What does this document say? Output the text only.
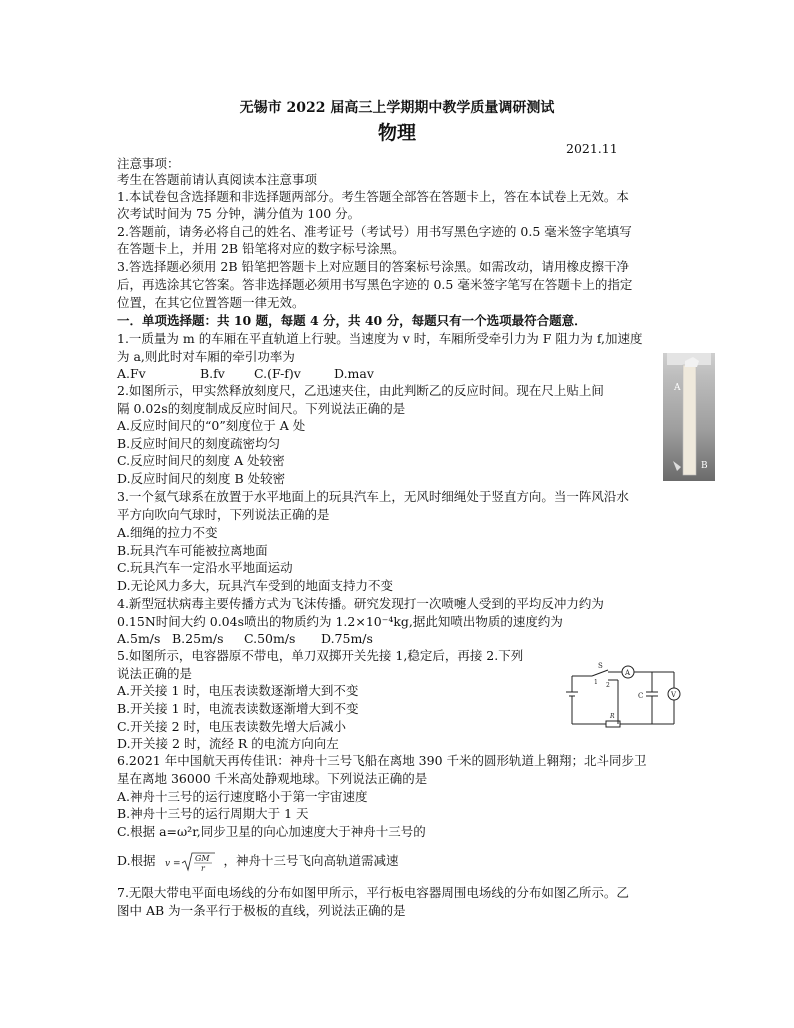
无锡市 2022 届高三上学期期中教学质量调研测试
物理
2021.11
注意事项：
考生在答题前请认真阅读本注意事项
1.本试卷包含选择题和非选择题两部分。考生答题全部答在答题卡上，答在本试卷上无效。本
次考试时间为 75 分钟，满分值为 100 分。
2.答题前，请务必将自己的姓名、准考证号（考试号）用书写黑色字迹的 0.5 毫米签字笔填写
在答题卡上，并用 2B 铅笔将对应的数字标号涂黑。
3.答选择题必须用 2B 铅笔把答题卡上对应题目的答案标号涂黑。如需改动，请用橡皮擦干净
后，再选涂其它答案。答非选择题必须用书写黑色字迹的 0.5 毫米签字笔写在答题卡上的指定
位置，在其它位置答题一律无效。
一．单项选择题：共 10 题，每题 4 分，共 40 分，每题只有一个选项最符合题意．
1.一质量为 m 的车厢在平直轨道上行驶。当速度为 v 时，车厢所受牵引力为 F 阻力为 f,加速度
为 a,则此时对车厢的牵引功率为
A.Fv	B.fv C.(F-f)v	D.mav
2.如图所示，甲实然释放刻度尺，乙迅速夹住，由此判断乙的反应时间。现在尺上贴上间
隔 0.02s的刻度制成反应时间尺。下列说法正确的是
A.反应时间尺的“0”刻度位于 A 处
B.反应时间尺的刻度疏密均匀
C.反应时间尺的刻度 A 处较密
D.反应时间尺的刻度 B 处较密
A
B
3.一个氦气球系在放置于水平地面上的玩具汽车上，无风时细绳处于竖直方向。当一阵风沿水
平方向吹向气球时，下列说法正确的是
A.细绳的拉力不变
B.玩具汽车可能被拉离地面
C.玩具汽车一定沿水平地面运动
D.无论风力多大，玩具汽车受到的地面支持力不变
4.新型冠状病毒主要传播方式为飞沫传播。研究发现打一次喷嚏人受到的平均反冲力约为
0.15N时间大约 0.04s喷出的物质约为 1.2×10⁻⁴kg,据此知喷出物质的速度约为
A.5m/s B.25m/s C.50m/s D.75m/s
5.如图所示，电容器原不带电，单刀双掷开关先接 1,稳定后，再接 2.下列
说法正确的是
A.开关接 1 时，电压表读数逐渐增大到不变
B.开关接 1 时，电流表读数逐渐增大到不变
C.开关接 2 时，电压表读数先增大后减小
D.开关接 2 时，流经 R 的电流方向向左
S
1 2
A
V
C
R
6.2021 年中国航天再传佳讯：神舟十三号飞船在离地 390 千米的圆形轨道上翱翔；北斗同步卫
星在离地 36000 千米高处静观地球。下列说法正确的是
A.神舟十三号的运行速度略小于第一宇宙速度
B.神舟十三号的运行周期大于 1 天
C.根据 a=ω²r,同步卫星的向心加速度大于神舟十三号的
D.根据 v =
GM
r ，神舟十三号飞向高轨道需减速
7.无限大带电平面电场线的分布如图甲所示，平行板电容器周围电场线的分布如图乙所示。乙
图中 AB 为一条平行于极板的直线，列说法正确的是
